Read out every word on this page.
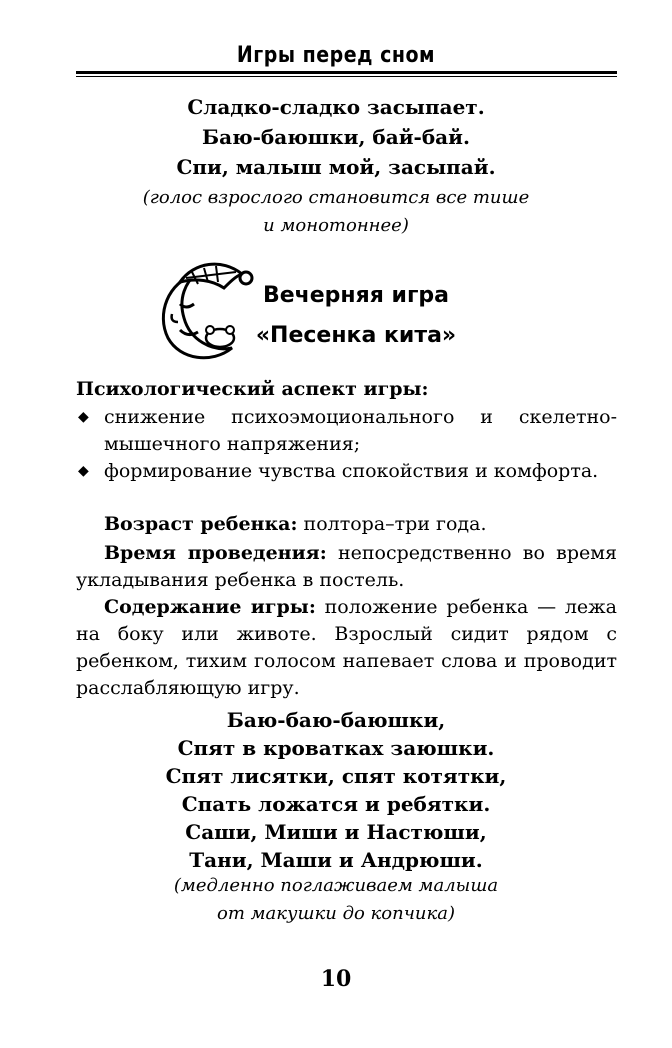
Игры перед сном

Сладко-сладко засыпает.

Баю-баюшки, бай-бай.

Спи, малыш мой, засыпай.

(голос взрослого становится все тише

и монотоннее)

Вечерняя игра

«Песенка кита»

Психологический аспект игры:

◆ снижение психоэмоционального и скелетно-мышечного напряжения;
◆ формирование чувства спокойствия и комфорта.

Возраст ребенка: полтора–три года.

Время проведения: непосредственно во время укладывания ребенка в постель.

Содержание игры: положение ребенка — лежа на боку или животе. Взрослый сидит рядом с ребенком, тихим голосом напевает слова и проводит расслабляющую игру.

Баю-баю-баюшки,

Спят в кроватках заюшки.

Спят лисятки, спят котятки,

Спать ложатся и ребятки.

Саши, Миши и Настюши,

Тани, Маши и Андрюши.

(медленно поглаживаем малыша

от макушки до копчика)

10
